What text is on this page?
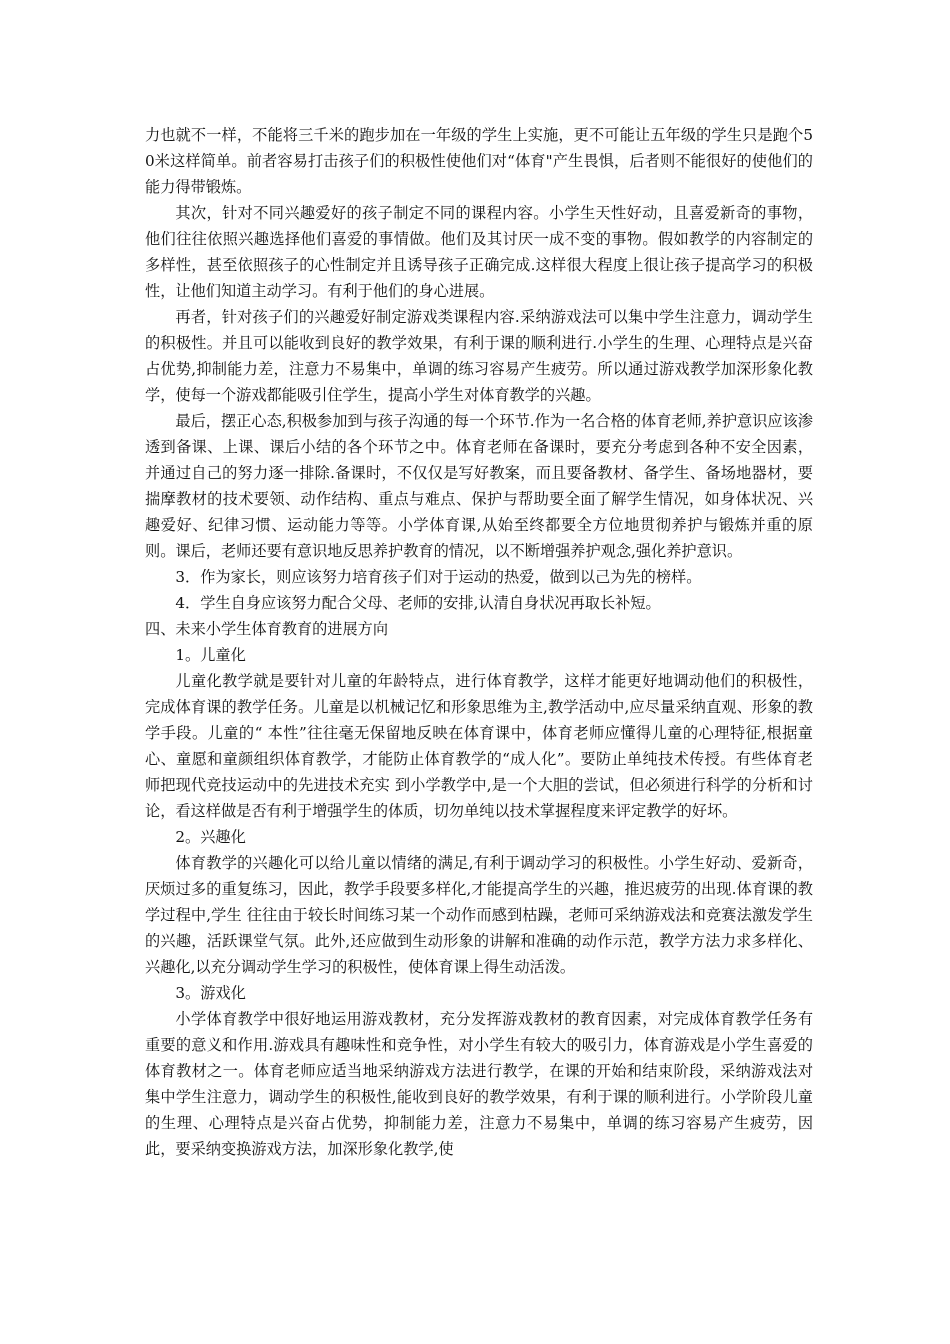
力也就不一样，不能将三千米的跑步加在一年级的学生上实施，更不可能让五年级的学生只是跑个50米这样简单。前者容易打击孩子们的积极性使他们对“体育"产生畏惧，后者则不能很好的使他们的能力得带锻炼。

其次，针对不同兴趣爱好的孩子制定不同的课程内容。小学生天性好动，且喜爱新奇的事物，他们往往依照兴趣选择他们喜爱的事情做。他们及其讨厌一成不变的事物。假如教学的内容制定的多样性，甚至依照孩子的心性制定并且诱导孩子正确完成.这样很大程度上很让孩子提高学习的积极性，让他们知道主动学习。有利于他们的身心进展。

再者，针对孩子们的兴趣爱好制定游戏类课程内容.采纳游戏法可以集中学生注意力，调动学生的积极性。并且可以能收到良好的教学效果，有利于课的顺利进行.小学生的生理、心理特点是兴奋占优势,抑制能力差，注意力不易集中，单调的练习容易产生疲劳。所以通过游戏教学加深形象化教学，使每一个游戏都能吸引住学生，提高小学生对体育教学的兴趣。

最后，摆正心态,积极参加到与孩子沟通的每一个环节.作为一名合格的体育老师,养护意识应该渗透到备课、上课、课后小结的各个环节之中。体育老师在备课时，要充分考虑到各种不安全因素，并通过自己的努力逐一排除.备课时，不仅仅是写好教案，而且要备教材、备学生、备场地器材，要揣摩教材的技术要领、动作结构、重点与难点、保护与帮助要全面了解学生情况，如身体状况、兴趣爱好、纪律习惯、运动能力等等。小学体育课,从始至终都要全方位地贯彻养护与锻炼并重的原则。课后，老师还要有意识地反思养护教育的情况，以不断增强养护观念,强化养护意识。

3．作为家长，则应该努力培育孩子们对于运动的热爱，做到以己为先的榜样。

4．学生自身应该努力配合父母、老师的安排,认清自身状况再取长补短。

四、未来小学生体育教育的进展方向

1。儿童化

儿童化教学就是要针对儿童的年龄特点，进行体育教学，这样才能更好地调动他们的积极性，完成体育课的教学任务。儿童是以机械记忆和形象思维为主,教学活动中,应尽量采纳直观、形象的教学手段。儿童的“ 本性”往往毫无保留地反映在体育课中，体育老师应懂得儿童的心理特征,根据童心、童愿和童颜组织体育教学，才能防止体育教学的“成人化”。要防止单纯技术传授。有些体育老师把现代竞技运动中的先进技术充实 到小学教学中,是一个大胆的尝试，但必须进行科学的分析和讨论，看这样做是否有利于增强学生的体质，切勿单纯以技术掌握程度来评定教学的好坏。

2。兴趣化

体育教学的兴趣化可以给儿童以情绪的满足,有利于调动学习的积极性。小学生好动、爱新奇，厌烦过多的重复练习，因此，教学手段要多样化,才能提高学生的兴趣，推迟疲劳的出现.体育课的教学过程中,学生 往往由于较长时间练习某一个动作而感到枯躁，老师可采纳游戏法和竞赛法激发学生的兴趣，活跃课堂气氛。此外,还应做到生动形象的讲解和准确的动作示范，教学方法力求多样化、兴趣化,以充分调动学生学习的积极性，使体育课上得生动活泼。

3。游戏化

小学体育教学中很好地运用游戏教材，充分发挥游戏教材的教育因素，对完成体育教学任务有重要的意义和作用.游戏具有趣味性和竞争性，对小学生有较大的吸引力，体育游戏是小学生喜爱的体育教材之一。体育老师应适当地采纳游戏方法进行教学，在课的开始和结束阶段，采纳游戏法对集中学生注意力，调动学生的积极性,能收到良好的教学效果，有利于课的顺利进行。小学阶段儿童的生理、心理特点是兴奋占优势，抑制能力差，注意力不易集中，单调的练习容易产生疲劳，因此，要采纳变换游戏方法，加深形象化教学,使
